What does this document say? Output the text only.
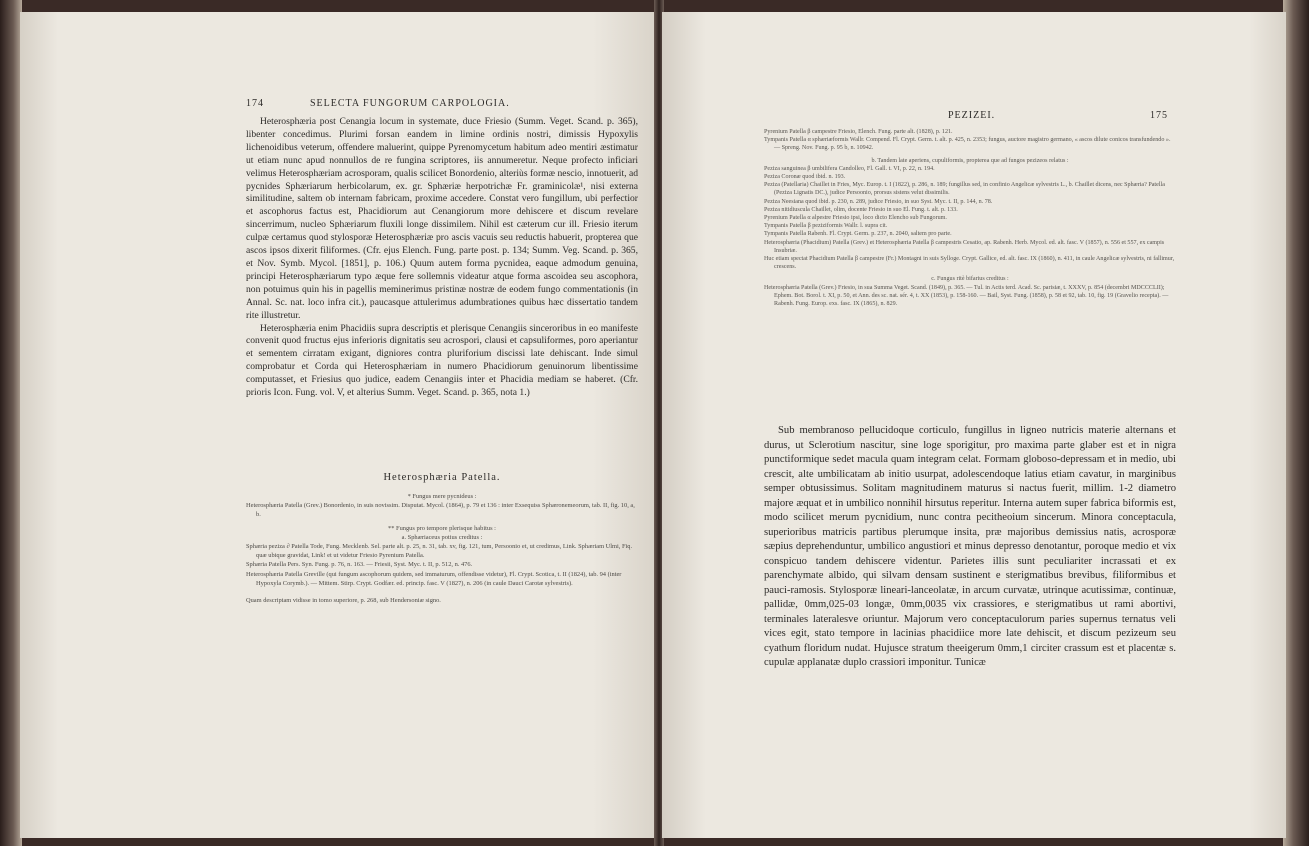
174	SELECTA FUNGORUM CARPOLOGIA.

Heterosphæria post Cenangia locum in systemate, duce Friesio (Summ. Veget. Scand. p. 365), libenter concedimus. Plurimi forsan eandem in limine ordinis nostri, dimissis Hypoxylis lichenoidibus veterum, offendere maluerint, quippe Pyrenomycetum habitum adeo mentiri æstimatur ut etiam nunc apud nonnullos de re fungina scriptores, iis annumeretur. Neque profecto inficiari velimus Heterosphæriam acrosporam, qualis scilicet Bonordenio, alteriùs formæ nescio, innotuerit, ad pycnides Sphæriarum herbicolarum, ex. gr. Sphæriæ herpotrichæ Fr. graminicolæ¹, nisi externa similitudine, saltem ob internam fabricam, proxime accedere. Constat vero fungillum, ubi perfectior et ascophorus factus est, Phacidiorum aut Cenangiorum more dehiscere et discum revelare sincerrimum, nucleo Sphæriarum fluxili longe dissimilem. Nihil est cæterum cur ill. Friesio iterum culpæ certamus quod stylosporæ Heterosphæriæ pro ascis vacuis seu reductis habuerit, propterea que ascos ipsos dixerit filiformes. (Cfr. ejus Elench. Fung. parte post. p. 134; Summ. Veg. Scand. p. 365, et Nov. Symb. Mycol. [1851], p. 106.) Quum autem forma pycnidea, eaque admodum genuina, principi Heterosphæriarum typo æque fere sollemnis videatur atque forma ascoidea seu ascophora, non potuimus quin his in pagellis meminerimus pristinæ nostræ de eodem fungo commentationis (in Annal. Sc. nat. loco infra cit.), paucasque attulerimus adumbrationes quibus hæc dissertatio tandem rite illustretur.

Heterosphæria enim Phacidiis supra descriptis et plerisque Cenangiis sinceroribus in eo manifeste convenit quod fructus ejus inferioris dignitatis seu acrospori, clausi et capsuliformes, poro aperiantur et sementem cirratam exigant, digniores contra pluriforium discissi late dehiscant. Inde simul comprobatur et Corda qui Heterosphæriam in numero Phacidiorum genuinorum libentissime computasset, et Friesius quo judice, eadem Cenangiis inter et Phacidia mediam se haberet. (Cfr. prioris Icon. Fung. vol. V, et alterius Summ. Veget. Scand. p. 365, nota 1.)

Heterosphæria Patella.

* Fungus mere pycnideus :

Heterosphæria Patella (Grev.) Bonordenio, in suis novissim. Disputat. Mycol. (1864), p. 79 et 136 : inter Exsequiss Sphæronemeorum, tab. II, fig. 10, a, b.

** Fungus pro tempore plerisque habitus :

a. Sphæriaceus potius creditus :

Sphæria peziza ∂ Patella Tode, Fung. Mecklenb. Sel. parte alt. p. 25, n. 31, tab. xv, fig. 121, tum, Persoonio et, ut credimus, Link. Sphæriam Ulmi, Fiq. quæ ubique gravidat, Link! et ut videtur Friesio Pyrenium Patella.

Sphæria Patella Pers. Syn. Fung. p. 76, n. 163. — Friesii, Syst. Myc. t. II, p. 512, n. 476.

Heterosphæria Patella Greville (qui fungum ascophorum quidem, sed immaturum, offendisse videtur), Fl. Crypt. Scotica, t. II (1824), tab. 94 (inter Hypoxyla Corymb.). — Mittem. Stirp. Crypt. Godfær. ed. princip. fasc. V (1827), n. 206 (in caule Dauci Carotæ sylvestris).

Quam descriptam vidisse in tomo superiore, p. 268, sub Hendersoniæ signo.

PEZIZEI.	175

Pyrenium Patella β campestre Friesio, Elench. Fung. parte alt. (1828), p. 121.

Tympanis Patella α sphæriæformis Wallr. Compend. Fl. Crypt. Germ. t. alt. p. 425, n. 2353; fungus, auctore magistro germano, « ascos dilute conicos transfundendo ». — Spreng. Nov. Fung. p. 95 b, n. 10942.

b. Tandem late aperiens, cupuliformis, propterea que ad fungos pezizeos relatus :

Peziza sanguinea β umbilifera Candolleo, Fl. Gall. t. VI, p. 22, n. 194.

Peziza Coronæ quod ibid. n. 193.

Peziza (Patellaria) Chaillet in Fries, Myc. Europ. t. I (1822), p. 286, n. 189; fungillus sed, in confinio Angelicæ sylvestris L., b. Chaillet dicens, nec Sphæria? Patella (Peziza Lignatis DC.), judice Persoonio, prorsus sistens velut dissimilis.

Peziza Neesiana quod ibid. p. 230, n. 289, judice Friesio, in suo Syst. Myc. t. II, p. 144, n. 78.

Peziza nitidiuscula Chaillet, olim, docente Friesio in suo El. Fung. t. alt. p. 133.

Pyrenium Patella α alpestre Friesio ipsi, loco dicto Elencho sub Fungorum.

Tympanis Patella β peziziformis Wallr. l. supra cit.

Tympanis Patella Rabenh. Fl. Crypt. Germ. p. 237, n. 2040, saltem pro parte.

Heterosphæria (Phacidium) Patella (Grev.) et Heterosphæria Patella β campestris Cesatio, ap. Rabenh. Herb. Mycol. ed. alt. fasc. V (1857), n. 556 et 557, ex campis Insubriæ.

Huc etiam spectat Phacidium Patella β campestre (Fr.) Montagni in suis Sylloge. Crypt. Gallice, ed. alt. fasc. IX (1860), n. 411, in caule Angelicæ sylvestris, ni fallimur, crescens.

c. Fungus ritè bifarius creditus :

Heterosphæria Patella (Grev.) Friesio, in sua Summa Veget. Scand. (1849), p. 365. — Tul. in Actis terd. Acad. Sc. parisiæ, t. XXXV, p. 854 (decembri MDCCCLII); Ephem. Bot. Borol. t. XI, p. 50, et Ann. des sc. nat. sér. 4, t. XX (1853), p. 158-160. — Bail, Syst. Fung. (1858), p. 58 et 92, tab. 10, fig. 19 (Gravelio recepta). — Rabenh. Fung. Europ. exs. fasc. IX (1865), n. 829.

Sub membranoso pellucidoque corticulo, fungillus in ligneo nutricis materie alternans et durus, ut Sclerotium nascitur, sine loge sporigitur, pro maxima parte glaber est et in nigra punctiformique sedet macula quam integram celat. Formam globoso-depressam et in medio, ubi crescit, alte umbilicatam ab initio usurpat, adolescendoque latius etiam cavatur, in marginibus semper obtusissimus. Solitam magnitudinem maturus si nactus fuerit, millim. 1-2 diametro majore æquat et in umbilico nonnihil hirsutus reperitur. Interna autem super fabrica biformis est, modo scilicet merum pycnidium, nunc contra pecitheoium sincerum. Minora conceptacula, superioribus matricis partibus plerumque insita, præ majoribus demissius natis, acrosporæ sæpius deprehenduntur, umbilico angustiori et minus depresso denotantur, poroque medio et vix conspicuo tandem dehiscere videntur. Parietes illis sunt peculiariter incrassati et ex parenchymate albido, qui silvam densam sustinent e sterigmatibus brevibus, filiformibus et pauci-ramosis. Stylosporæ lineari-lanceolatæ, in arcum curvatæ, utrinque acutissimæ, continuæ, pallidæ, 0mm,025-03 longæ, 0mm,0035 vix crassiores, e sterigmatibus ut rami abortivi, terminales lateralesve oriuntur. Majorum vero conceptaculorum paries supernus ternatus veli vices egit, stato tempore in lacinias phacidiice more late dehiscit, et discum pezizeum seu cyathum floridum nudat. Hujusce stratum theeigerum 0mm,1 circiter crassum est et placentæ s. cupulæ applanatæ duplo crassiori imponitur. Tunicæ
